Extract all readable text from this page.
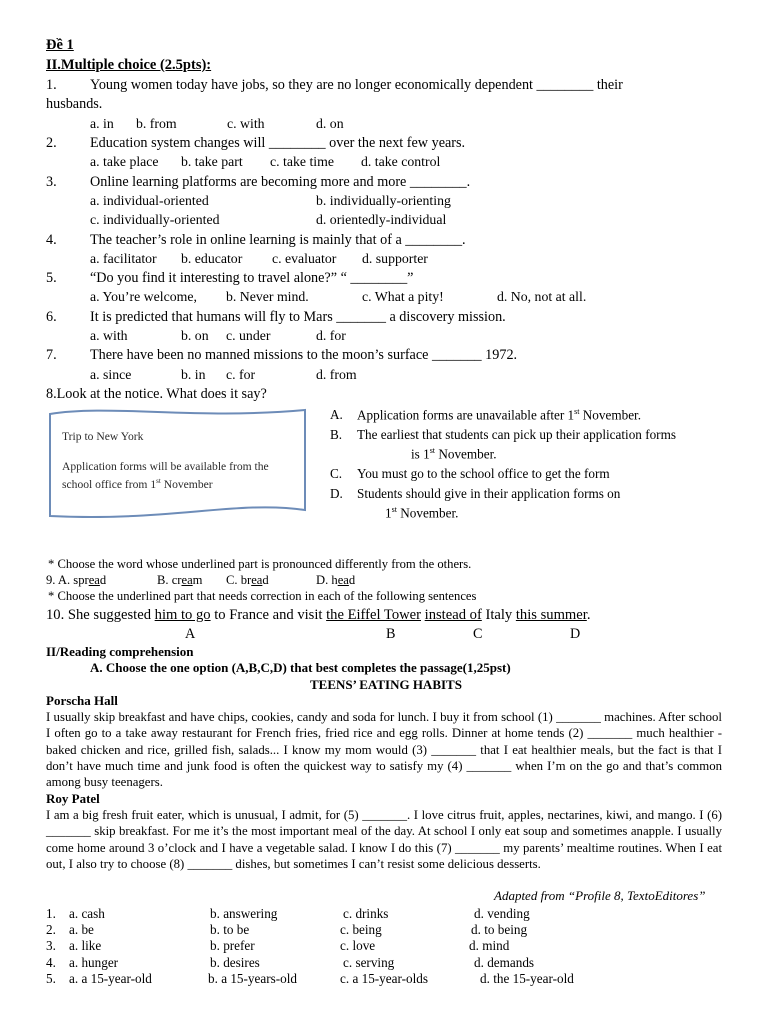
Đề 1
II.Multiple choice (2.5pts):
1. Young women today have jobs, so they are no longer economically dependent ________ their
husbands.
a. in b. from	c. with	d. on
2. Education system changes will ________ over the next few years.
a. take place b. take part c. take time d. take control
3. Online learning platforms are becoming more and more ________.
a. individual-oriented	b. individually-orienting
c. individually-oriented	d. orientedly-individual
4. The teacher’s role in online learning is mainly that of a ________.
a. facilitator b. educator c. evaluator d. supporter
5. “Do you find it interesting to travel alone?” “ ________”
a. You’re welcome, b. Never mind.	c. What a pity!	d. No, not at all.
6. It is predicted that humans will fly to Mars _______ a discovery mission.
a. with	b. on c. under	d. for
7. There have been no manned missions to the moon’s surface _______ 1972.
a. since	b. in c. for	d. from
8.Look at the notice. What does it say?
Trip to New York
Application forms will be available from the
school office from 1st November
A. Application forms are unavailable after 1st November.
B. The earliest that students can pick up their application forms
is 1st November.
C. You must go to the school office to get the form
D. Students should give in their application forms on
1st November.
* Choose the word whose underlined part is pronounced differently from the others.
9. A. spread	B. cream C. bread	D. head
* Choose the underlined part that needs correction in each of the following sentences
10. She suggested him to go to France and visit the Eiffel Tower instead of Italy this summer.
A	B	C	D
II/Reading comprehension
A. Choose the one option (A,B,C,D) that best completes the passage(1,25pst)
TEENS’ EATING HABITS
Porscha Hall
I usually skip breakfast and have chips, cookies, candy and soda for lunch. I buy it from school (1) _______ machines. After school I often go to a take away restaurant for French fries, fried rice and egg rolls. Dinner at home tends (2) _______ much healthier - baked chicken and rice, grilled fish, salads... I know my mom would (3) _______ that I eat healthier meals, but the fact is that I don’t have much time and junk food is often the quickest way to satisfy my (4) _______ when I’m on the go and that’s common among busy teenagers.
Roy Patel
I am a big fresh fruit eater, which is unusual, I admit, for (5) _______. I love citrus fruit, apples, nectarines, kiwi, and mango. I (6) _______ skip breakfast. For me it’s the most important meal of the day. At school I only eat soup and sometimes anapple. I usually come home around 3 o’clock and I have a vegetable salad. I know I do this (7) _______ my parents’ mealtime routines. When I eat out, I also try to choose (8) _______ dishes, but sometimes I can’t resist some delicious desserts.
Adapted from “Profile 8, TextoEditores”
1. a. cash	b. answering	c. drinks	d. vending
2. a. be	b. to be	c. being	d. to being
3. a. like	b. prefer	c. love	d. mind
4. a. hunger	b. desires	c. serving	d. demands
5. a. a 15-year-old	b. a 15-years-old	c. a 15-year-olds	d. the 15-year-old
